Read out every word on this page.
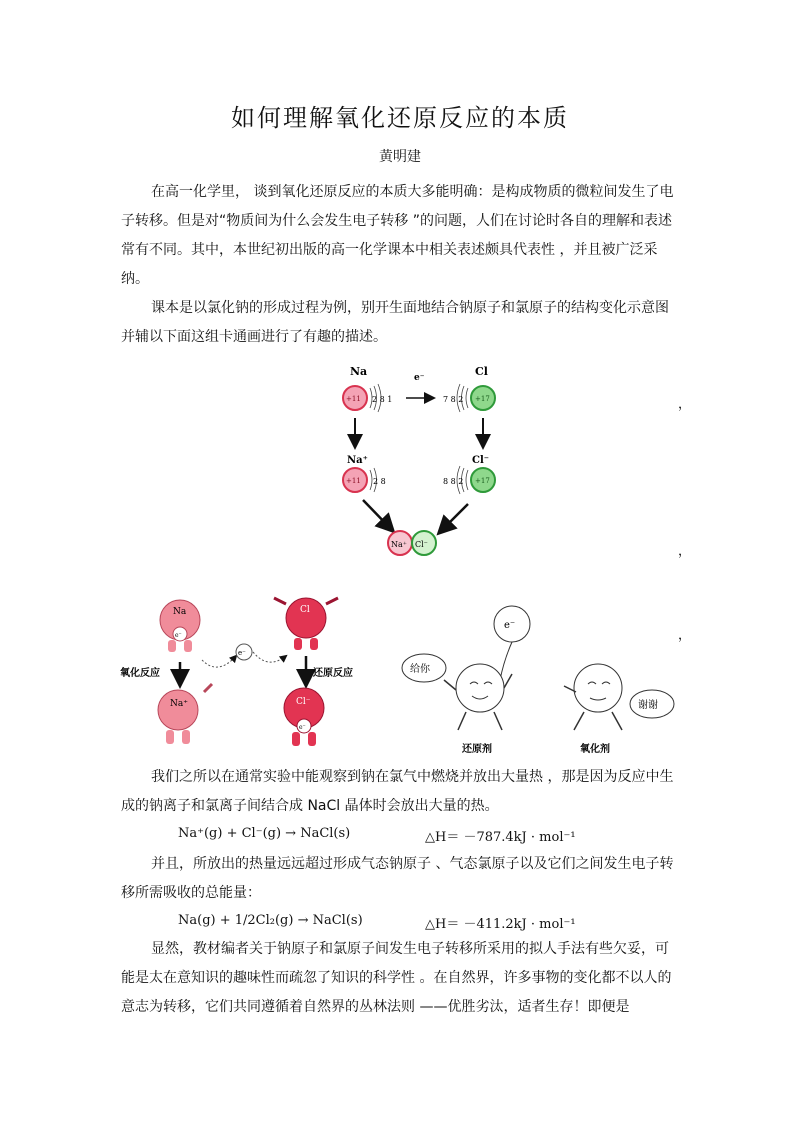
如何理解氧化还原反应的本质
黄明建

在高一化学里， 谈到氧化还原反应的本质大多能明确：是构成物质的微粒间发生了电子转移。但是对“物质间为什么会发生电子转移 ”的问题，人们在讨论时各自的理解和表述常有不同。其中，本世纪初出版的高一化学课本中相关表述颇具代表性 ，并且被广泛采纳。

课本是以氯化钠的形成过程为例，别开生面地结合钠原子和氯原子的结构变化示意图并辅以下面这组卡通画进行了有趣的描述。

Na
+11 2 8 1
e⁻	Cl
+17
7 8 2
Na⁺
+11 2 8
Cl⁻
+17
8 8 2
Na⁺ Cl⁻
，
，
，
Na
e⁻
e⁻
Cl
氧化反应	还原反应
Na⁺	Cl⁻
e⁻
e⁻
给你
还原剂
谢谢
氧化剂

我们之所以在通常实验中能观察到钠在氯气中燃烧并放出大量热 ，那是因为反应中生成的钠离子和氯离子间结合成 NaCl 晶体时会放出大量的热。

Na⁺(g) + Cl⁻(g) → NaCl(s)	△H＝ －787.4kJ · mol⁻¹

并且，所放出的热量远远超过形成气态钠原子 、气态氯原子以及它们之间发生电子转移所需吸收的总能量：

Na(g) + 1/2Cl₂(g) → NaCl(s)	△H＝ －411.2kJ · mol⁻¹

显然，教材编者关于钠原子和氯原子间发生电子转移所采用的拟人手法有些欠妥，可能是太在意知识的趣味性而疏忽了知识的科学性 。在自然界，许多事物的变化都不以人的意志为转移，它们共同遵循着自然界的丛林法则 ——优胜劣汰，适者生存！即便是
